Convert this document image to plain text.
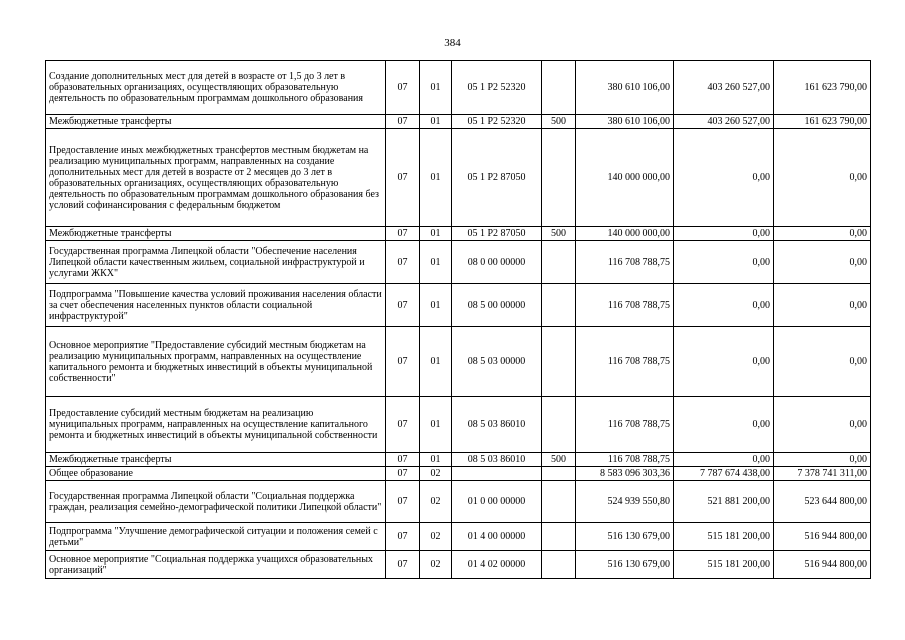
384
Создание дополнительных мест для детей в возрасте от 1,5 до 3 лет в образовательных организациях, осуществляющих образовательную деятельность по образовательным программам дошкольного образования	07	01	05 1 P2 52320		380 610 106,00	403 260 527,00	161 623 790,00
Межбюджетные трансферты	07	01	05 1 P2 52320	500	380 610 106,00	403 260 527,00	161 623 790,00
Предоставление иных межбюджетных трансфертов местным бюджетам на реализацию муниципальных программ, направленных на создание дополнительных мест для детей в возрасте от 2 месяцев до 3 лет в образовательных организациях, осуществляющих образовательную деятельность по образовательным программам дошкольного образования без условий софинансирования с федеральным бюджетом	07	01	05 1 P2 87050		140 000 000,00	0,00	0,00
Межбюджетные трансферты	07	01	05 1 P2 87050	500	140 000 000,00	0,00	0,00
Государственная программа Липецкой области "Обеспечение населения Липецкой области качественным жильем, социальной инфраструктурой и услугами ЖКХ"	07	01	08 0 00 00000		116 708 788,75	0,00	0,00
Подпрограмма "Повышение качества условий проживания населения области за счет обеспечения населенных пунктов области социальной инфраструктурой"	07	01	08 5 00 00000		116 708 788,75	0,00	0,00
Основное мероприятие "Предоставление субсидий местным бюджетам на реализацию муниципальных программ, направленных на осуществление капитального ремонта и бюджетных инвестиций в объекты муниципальной собственности"	07	01	08 5 03 00000		116 708 788,75	0,00	0,00
Предоставление субсидий местным бюджетам на реализацию муниципальных программ, направленных на осуществление капитального ремонта и бюджетных инвестиций в объекты муниципальной собственности	07	01	08 5 03 86010		116 708 788,75	0,00	0,00
Межбюджетные трансферты	07	01	08 5 03 86010	500	116 708 788,75	0,00	0,00
Общее образование	07	02			8 583 096 303,36	7 787 674 438,00	7 378 741 311,00
Государственная программа Липецкой области "Социальная поддержка граждан, реализация семейно-демографической политики Липецкой области"	07	02	01 0 00 00000		524 939 550,80	521 881 200,00	523 644 800,00
Подпрограмма "Улучшение демографической ситуации и положения семей с детьми"	07	02	01 4 00 00000		516 130 679,00	515 181 200,00	516 944 800,00
Основное мероприятие "Социальная поддержка учащихся образовательных организаций"	07	02	01 4 02 00000		516 130 679,00	515 181 200,00	516 944 800,00
